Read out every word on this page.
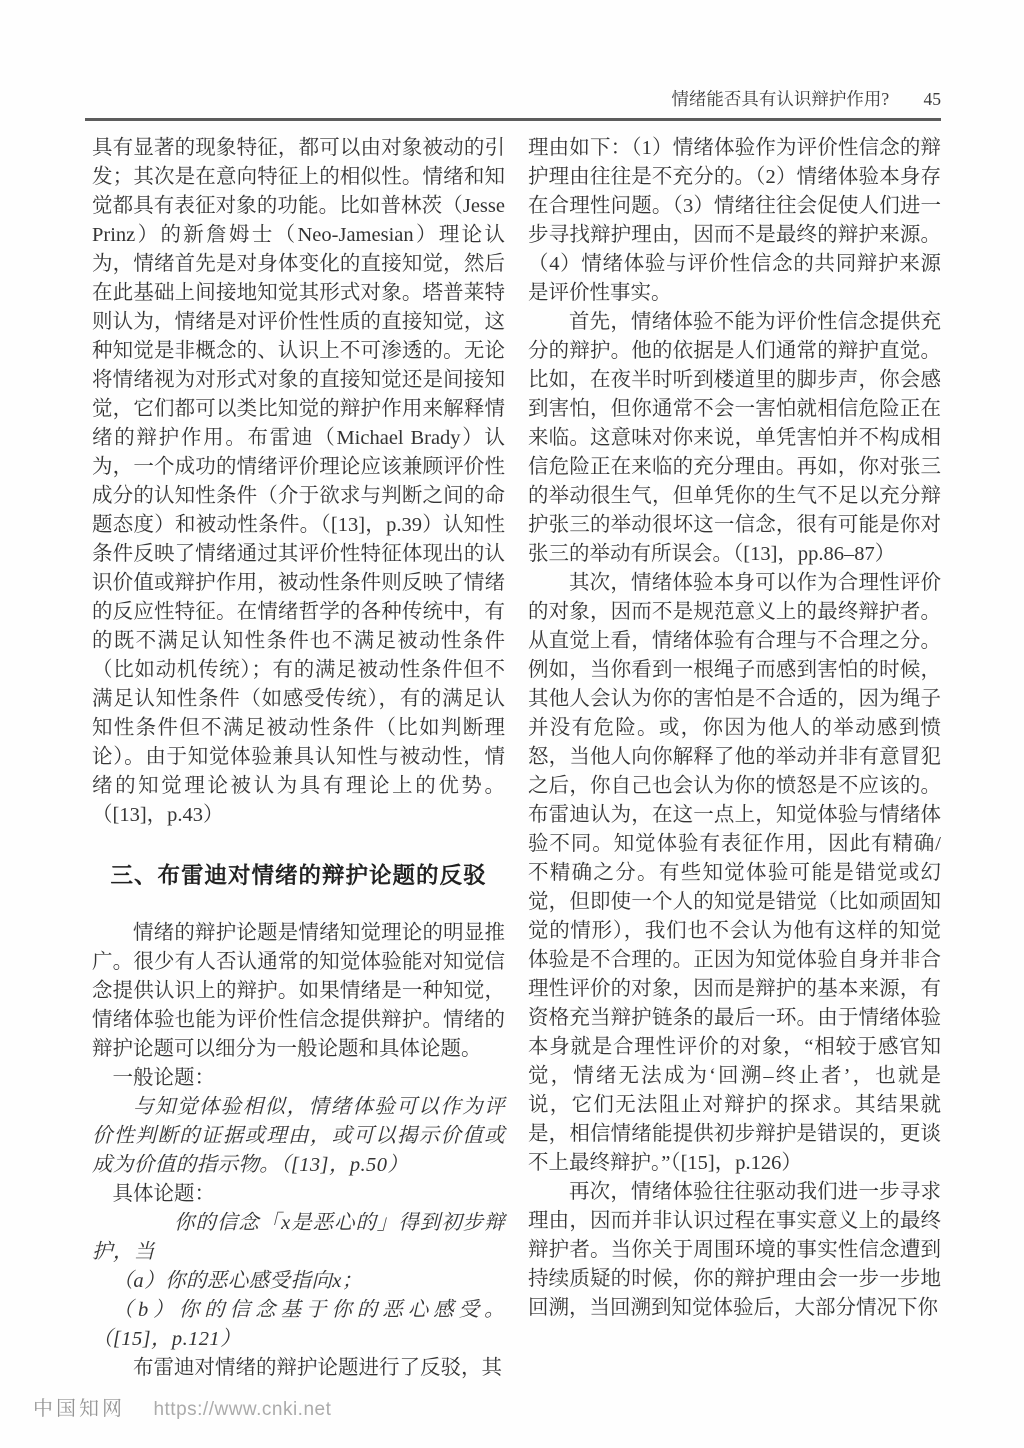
情绪能否具有认识辩护作用? 45

具有显著的现象特征，都可以由对象被动的引发；其次是在意向特征上的相似性。情绪和知觉都具有表征对象的功能。比如普林茨（Jesse Prinz）的新詹姆士（Neo-Jamesian）理论认为，情绪首先是对身体变化的直接知觉，然后在此基础上间接地知觉其形式对象。塔普莱特则认为，情绪是对评价性性质的直接知觉，这种知觉是非概念的、认识上不可渗透的。无论将情绪视为对形式对象的直接知觉还是间接知觉，它们都可以类比知觉的辩护作用来解释情绪的辩护作用。布雷迪（Michael Brady）认为，一个成功的情绪评价理论应该兼顾评价性成分的认知性条件（介于欲求与判断之间的命题态度）和被动性条件。（[13]，p.39）认知性条件反映了情绪通过其评价性特征体现出的认识价值或辩护作用，被动性条件则反映了情绪的反应性特征。在情绪哲学的各种传统中，有的既不满足认知性条件也不满足被动性条件（比如动机传统）；有的满足被动性条件但不满足认知性条件（如感受传统），有的满足认知性条件但不满足被动性条件（比如判断理论）。由于知觉体验兼具认知性与被动性，情绪的知觉理论被认为具有理论上的优势。（[13]，p.43）

三、布雷迪对情绪的辩护论题的反驳

情绪的辩护论题是情绪知觉理论的明显推广。很少有人否认通常的知觉体验能对知觉信念提供认识上的辩护。如果情绪是一种知觉，情绪体验也能为评价性信念提供辩护。情绪的辩护论题可以细分为一般论题和具体论题。

一般论题：

与知觉体验相似，情绪体验可以作为评价性判断的证据或理由，或可以揭示价值或成为价值的指示物。（[13]，p.50）

具体论题：

你的信念「x是恶心的」得到初步辩护，当

（a）你的恶心感受指向x；

（b）你的信念基于你的恶心感受。（[15]，p.121）

布雷迪对情绪的辩护论题进行了反驳，其

理由如下：（1）情绪体验作为评价性信念的辩护理由往往是不充分的。（2）情绪体验本身存在合理性问题。（3）情绪往往会促使人们进一步寻找辩护理由，因而不是最终的辩护来源。（4）情绪体验与评价性信念的共同辩护来源是评价性事实。

首先，情绪体验不能为评价性信念提供充分的辩护。他的依据是人们通常的辩护直觉。比如，在夜半时听到楼道里的脚步声，你会感到害怕，但你通常不会一害怕就相信危险正在来临。这意味对你来说，单凭害怕并不构成相信危险正在来临的充分理由。再如，你对张三的举动很生气，但单凭你的生气不足以充分辩护张三的举动很坏这一信念，很有可能是你对张三的举动有所误会。（[13]，pp.86–87）

其次，情绪体验本身可以作为合理性评价的对象，因而不是规范意义上的最终辩护者。从直觉上看，情绪体验有合理与不合理之分。例如，当你看到一根绳子而感到害怕的时候，其他人会认为你的害怕是不合适的，因为绳子并没有危险。或，你因为他人的举动感到愤怒，当他人向你解释了他的举动并非有意冒犯之后，你自己也会认为你的愤怒是不应该的。布雷迪认为，在这一点上，知觉体验与情绪体验不同。知觉体验有表征作用，因此有精确/不精确之分。有些知觉体验可能是错觉或幻觉，但即使一个人的知觉是错觉（比如顽固知觉的情形），我们也不会认为他有这样的知觉体验是不合理的。正因为知觉体验自身并非合理性评价的对象，因而是辩护的基本来源，有资格充当辩护链条的最后一环。由于情绪体验本身就是合理性评价的对象，“相较于感官知觉，情绪无法成为‘回溯–终止者’，也就是说，它们无法阻止对辩护的探求。其结果就是，相信情绪能提供初步辩护是错误的，更谈不上最终辩护。”（[15]，p.126）

再次，情绪体验往往驱动我们进一步寻求理由，因而并非认识过程在事实意义上的最终辩护者。当你关于周围环境的事实性信念遭到持续质疑的时候，你的辩护理由会一步一步地回溯，当回溯到知觉体验后，大部分情况下你

中国知网 https://www.cnki.net
